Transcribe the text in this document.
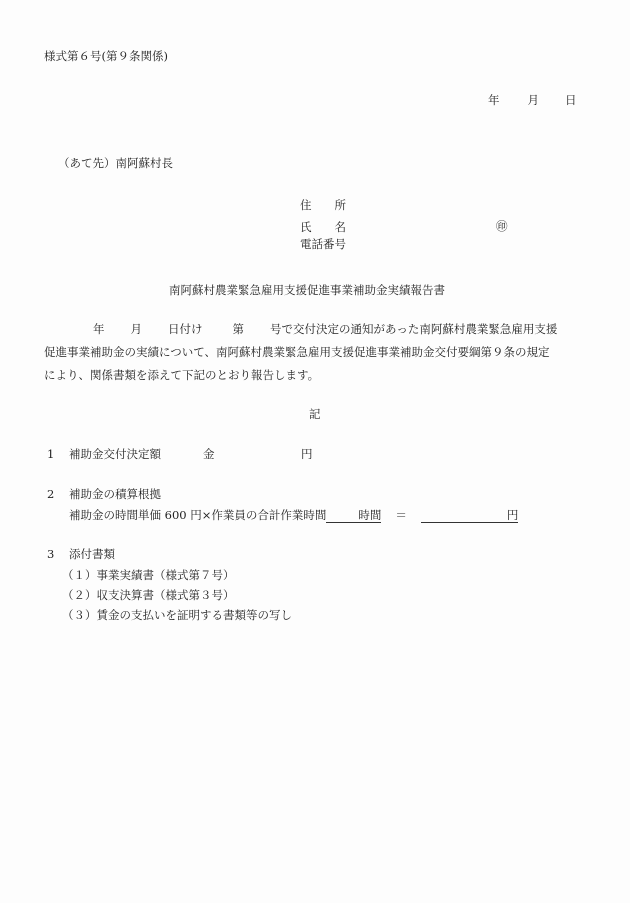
様式第６号(第９条関係)
年 月 日
（あて先）南阿蘇村長
住　　所
氏　　名	㊞
電話番号
南阿蘇村農業緊急雇用支援促進事業補助金実績報告書
年 月 日付け	第 号で交付決定の通知があった南阿蘇村農業緊急雇用支援
促進事業補助金の実績について、南阿蘇村農業緊急雇用支援促進事業補助金交付要綱第９条の規定
により、関係書類を添えて下記のとおり報告します。
記
1 補助金交付決定額	金	円
2 補助金の積算根拠
補助金の時間単価 600 円×作業員の合計作業時間	時間 ＝	円
3 添付書類
（１）事業実績書（様式第７号）
（２）収支決算書（様式第３号）
（３）賃金の支払いを証明する書類等の写し
